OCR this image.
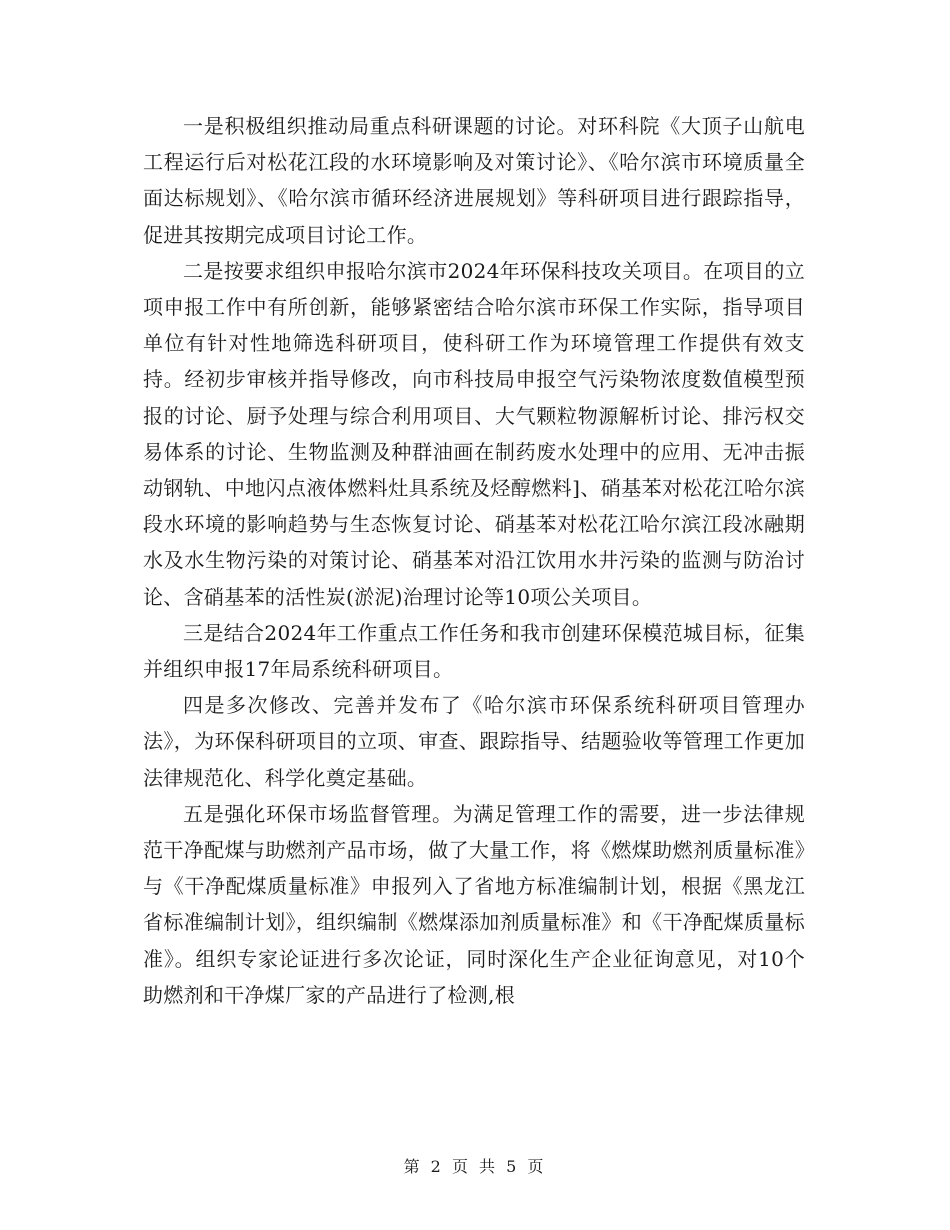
一是积极组织推动局重点科研课题的讨论。对环科院《大顶子山航电工程运行后对松花江段的水环境影响及对策讨论》、《哈尔滨市环境质量全面达标规划》、《哈尔滨市循环经济进展规划》等科研项目进行跟踪指导，促进其按期完成项目讨论工作。

二是按要求组织申报哈尔滨市2024年环保科技攻关项目。在项目的立项申报工作中有所创新，能够紧密结合哈尔滨市环保工作实际，指导项目单位有针对性地筛选科研项目，使科研工作为环境管理工作提供有效支持。经初步审核并指导修改，向市科技局申报空气污染物浓度数值模型预报的讨论、厨予处理与综合利用项目、大气颗粒物源解析讨论、排污权交易体系的讨论、生物监测及种群油画在制药废水处理中的应用、无冲击振动钢轨、中地闪点液体燃料灶具系统及烃醇燃料]、硝基苯对松花江哈尔滨段水环境的影响趋势与生态恢复讨论、硝基苯对松花江哈尔滨江段冰融期水及水生物污染的对策讨论、硝基苯对沿江饮用水井污染的监测与防治讨论、含硝基苯的活性炭(淤泥)治理讨论等10项公关项目。

三是结合2024年工作重点工作任务和我市创建环保模范城目标，征集并组织申报17年局系统科研项目。

四是多次修改、完善并发布了《哈尔滨市环保系统科研项目管理办法》，为环保科研项目的立项、审查、跟踪指导、结题验收等管理工作更加法律规范化、科学化奠定基础。

五是强化环保市场监督管理。为满足管理工作的需要，进一步法律规范干净配煤与助燃剂产品市场，做了大量工作，将《燃煤助燃剂质量标准》与《干净配煤质量标准》申报列入了省地方标准编制计划，根据《黑龙江省标准编制计划》，组织编制《燃煤添加剂质量标准》和《干净配煤质量标准》。组织专家论证进行多次论证，同时深化生产企业征询意见，对10个助燃剂和干净煤厂家的产品进行了检测,根

第 2 页 共 5 页
